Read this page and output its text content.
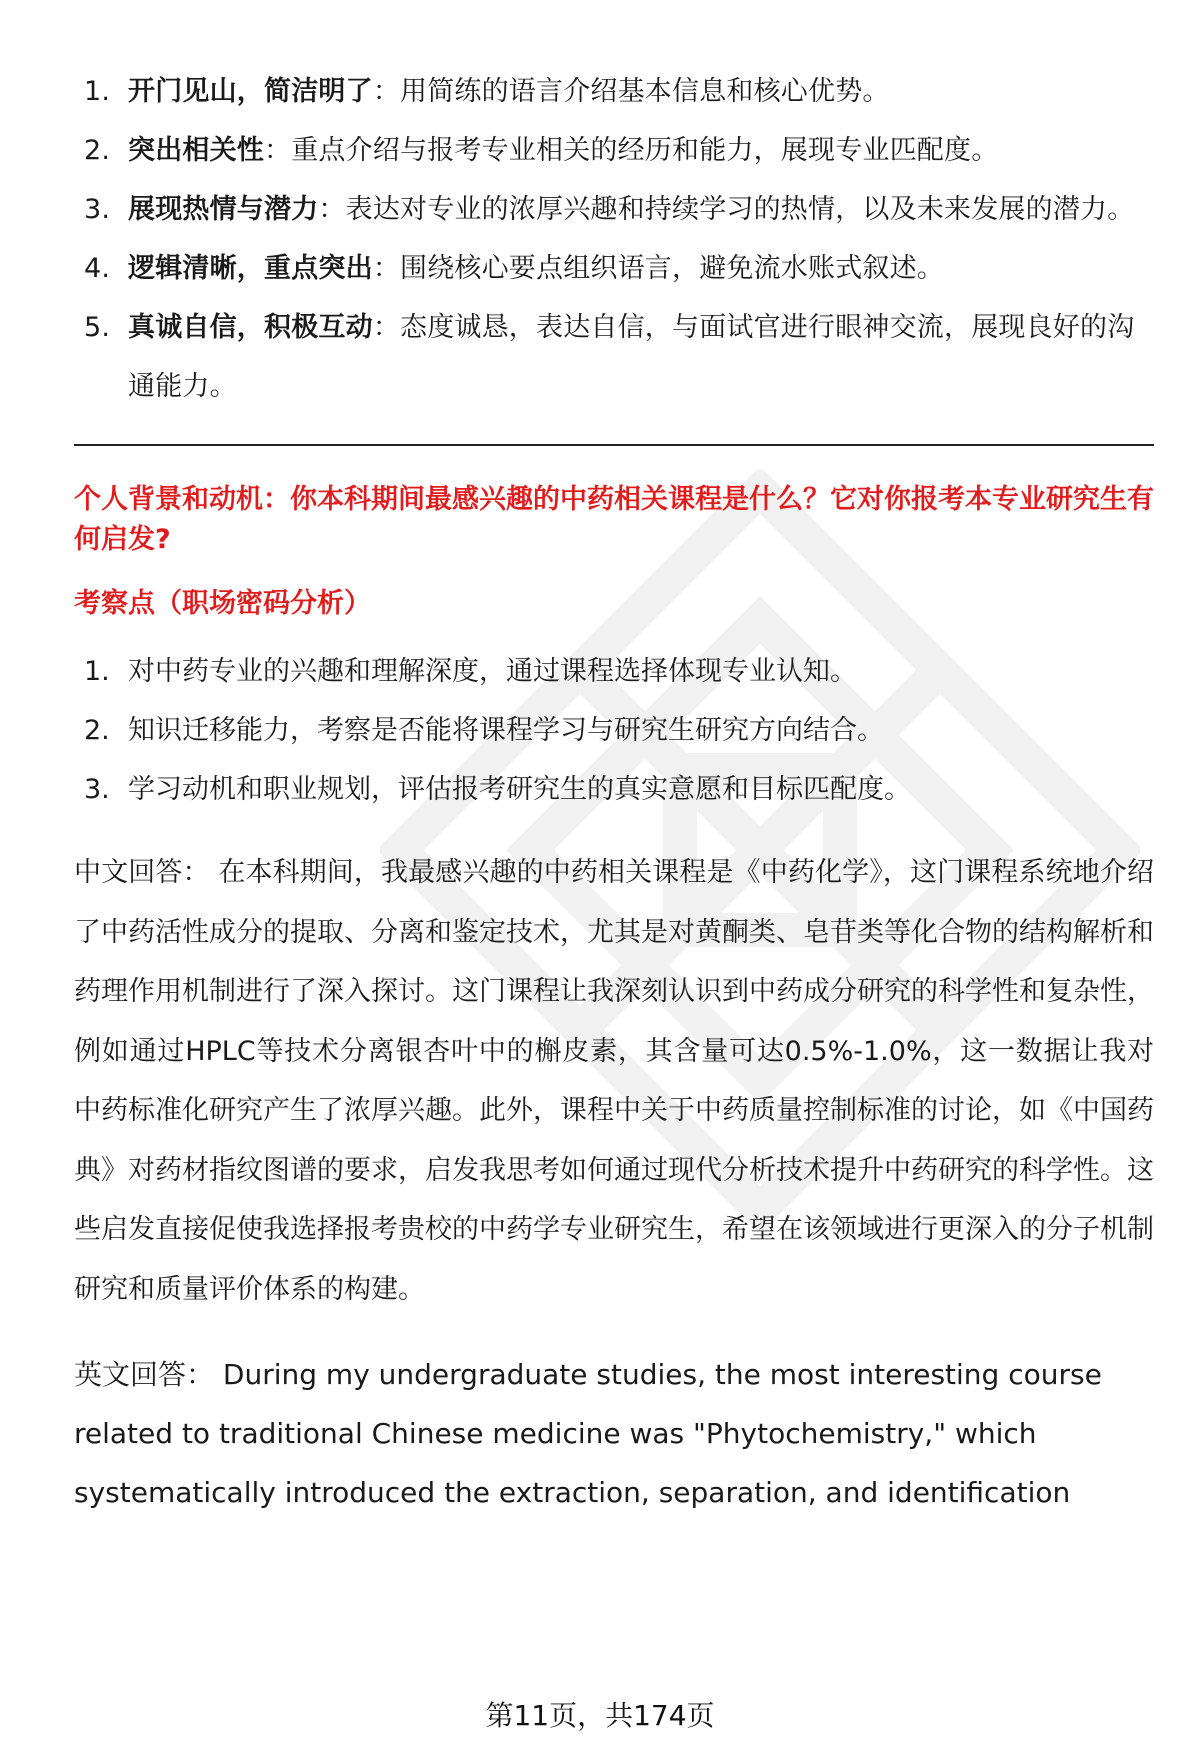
1. 开门见山，简洁明了：用简练的语言介绍基本信息和核心优势。
2. 突出相关性：重点介绍与报考专业相关的经历和能力，展现专业匹配度。
3. 展现热情与潜力：表达对专业的浓厚兴趣和持续学习的热情，以及未来发展的潜力。
4. 逻辑清晰，重点突出：围绕核心要点组织语言，避免流水账式叙述。
5. 真诚自信，积极互动：态度诚恳，表达自信，与面试官进行眼神交流，展现良好的沟通能力。

个人背景和动机：你本科期间最感兴趣的中药相关课程是什么？它对你报考本专业研究生有何启发?

考察点（职场密码分析）

1. 对中药专业的兴趣和理解深度，通过课程选择体现专业认知。
2. 知识迁移能力，考察是否能将课程学习与研究生研究方向结合。
3. 学习动机和职业规划，评估报考研究生的真实意愿和目标匹配度。

中文回答： 在本科期间，我最感兴趣的中药相关课程是《中药化学》，这门课程系统地介绍了中药活性成分的提取、分离和鉴定技术，尤其是对黄酮类、皂苷类等化合物的结构解析和药理作用机制进行了深入探讨。这门课程让我深刻认识到中药成分研究的科学性和复杂性，例如通过HPLC等技术分离银杏叶中的槲皮素，其含量可达0.5%-1.0%，这一数据让我对中药标准化研究产生了浓厚兴趣。此外，课程中关于中药质量控制标准的讨论，如《中国药典》对药材指纹图谱的要求，启发我思考如何通过现代分析技术提升中药研究的科学性。这些启发直接促使我选择报考贵校的中药学专业研究生，希望在该领域进行更深入的分子机制研究和质量评价体系的构建。

英文回答： During my undergraduate studies, the most interesting course related to traditional Chinese medicine was "Phytochemistry," which systematically introduced the extraction, separation, and identification

第11页，共174页
